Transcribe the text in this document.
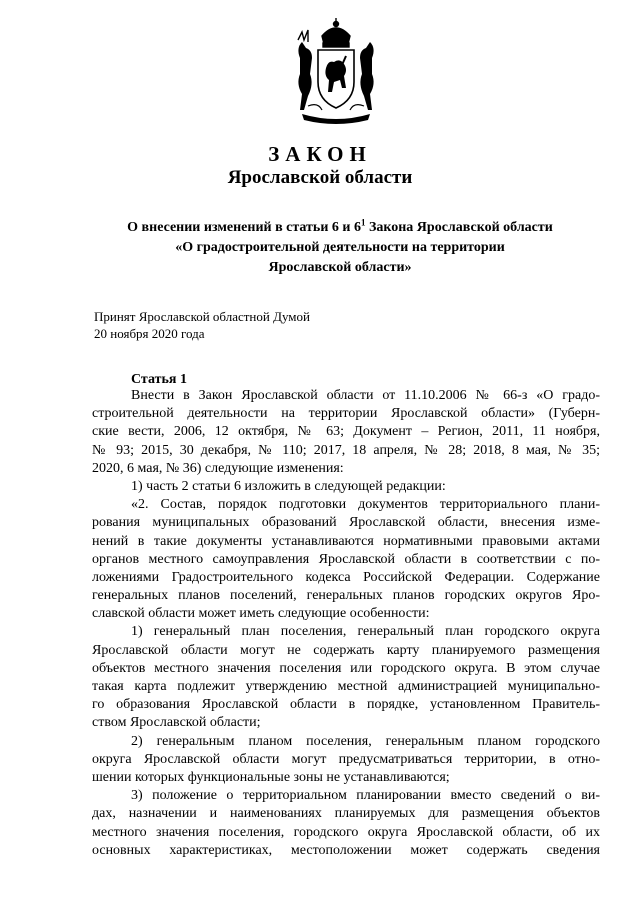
ЗАКОН
Ярославской области
О внесении изменений в статьи 6 и $6^1$ Закона Ярославской области
«О градостроительной деятельности на территории
Ярославской области»
Принят Ярославской областной Думой
20 ноября 2020 года
Статья 1
Внести в Закон Ярославской области от 11.10.2006 № 66-з «О градо-
строительной деятельности на территории Ярославской области» (Губерн-
ские вести, 2006, 12 октября, № 63; Документ – Регион, 2011, 11 ноября,
№ 93; 2015, 30 декабря, № 110; 2017, 18 апреля, № 28; 2018, 8 мая, № 35;
2020, 6 мая, № 36) следующие изменения:
1) часть 2 статьи 6 изложить в следующей редакции:
«2. Состав, порядок подготовки документов территориального плани-
рования муниципальных образований Ярославской области, внесения изме-
нений в такие документы устанавливаются нормативными правовыми актами
органов местного самоуправления Ярославской области в соответствии с по-
ложениями Градостроительного кодекса Российской Федерации. Содержание
генеральных планов поселений, генеральных планов городских округов Яро-
славской области может иметь следующие особенности:
1) генеральный план поселения, генеральный план городского округа
Ярославской области могут не содержать карту планируемого размещения
объектов местного значения поселения или городского округа. В этом случае
такая карта подлежит утверждению местной администрацией муниципально-
го образования Ярославской области в порядке, установленном Правитель-
ством Ярославской области;
2) генеральным планом поселения, генеральным планом городского
округа Ярославской области могут предусматриваться территории, в отно-
шении которых функциональные зоны не устанавливаются;
3) положение о территориальном планировании вместо сведений о ви-
дах, назначении и наименованиях планируемых для размещения объектов
местного значения поселения, городского округа Ярославской области, об их
основных характеристиках, местоположении может содержать сведения
